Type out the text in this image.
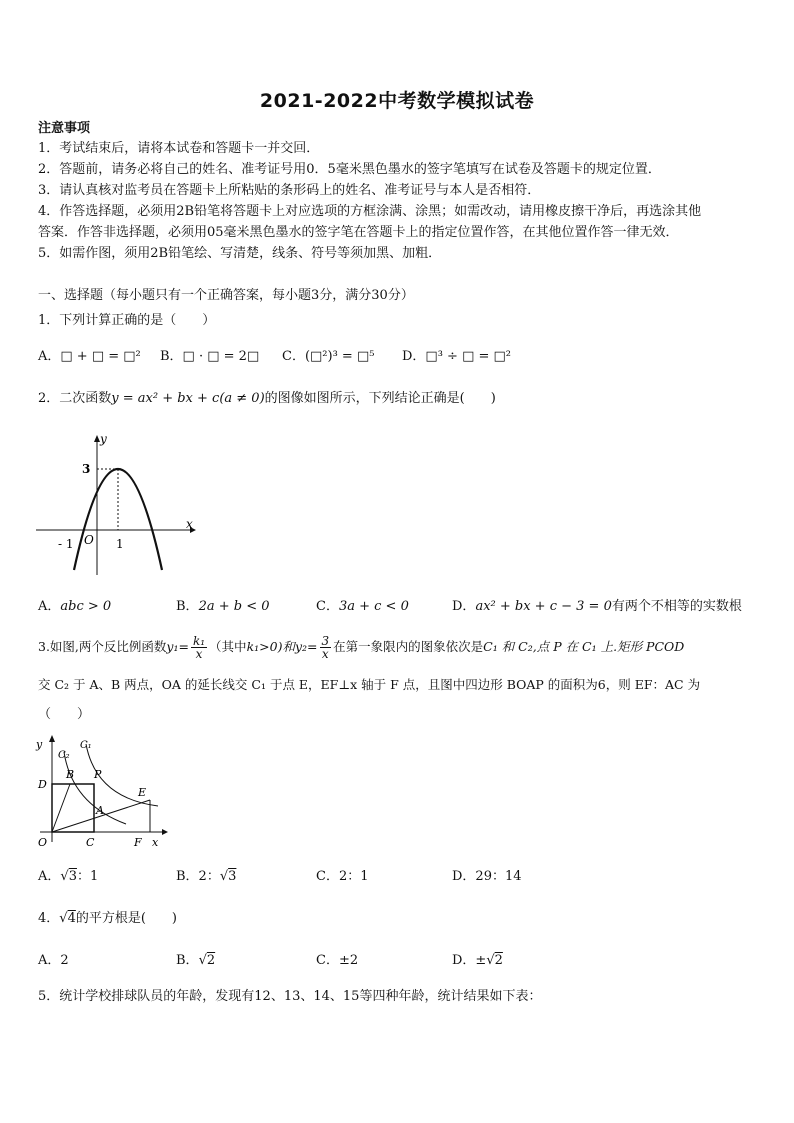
2021-2022中考数学模拟试卷
注意事项
1．考试结束后，请将本试卷和答题卡一并交回．
2．答题前，请务必将自己的姓名、准考证号用0．5毫米黑色墨水的签字笔填写在试卷及答题卡的规定位置．
3．请认真核对监考员在答题卡上所粘贴的条形码上的姓名、准考证号与本人是否相符．
4．作答选择题，必须用2B铅笔将答题卡上对应选项的方框涂满、涂黑；如需改动，请用橡皮擦干净后，再选涂其他
答案．作答非选择题，必须用05毫米黑色墨水的签字笔在答题卡上的指定位置作答，在其他位置作答一律无效．
5．如需作图，须用2B铅笔绘、写清楚，线条、符号等须加黑、加粗．
一、选择题（每小题只有一个正确答案，每小题3分，满分30分）
1．下列计算正确的是（　　）
A．□ + □ = □² B．□ · □ = 2□ C．(□²)³ = □⁵ D．□³ ÷ □ = □²
2．二次函数y = ax² + bx + c(a ≠ 0)的图像如图所示，下列结论正确是(　　)
y
x
3
- 1 O 1
A．abc > 0	B．2a + b < 0	C．3a + c < 0	D．ax² + bx + c − 3 = 0有两个不相等的实数根
3.如图,两个反比例函数$y_1= \frac{\text{k₁}}{x}$ （其中k₁>0)和$y_2= \frac{3}{x}$ 在第一象限内的图象依次是C₁ 和 C₂,点 P 在 C₁ 上.矩形 PCOD
交 C₂ 于 A、B 两点，OA 的延长线交 C₁ 于点 E，EF⊥x 轴于 F 点，且图中四边形 BOAP 的面积为6，则 EF：AC 为
（　　）
y
C₂
C₁
D
B P
E
A
O	C	F x
A．√3：1	B．2：√3	C．2：1	D．29：14
4．√4的平方根是(　　)
A．2	B．√2	C．±2	D．±√2
5．统计学校排球队员的年龄，发现有12、13、14、15等四种年龄，统计结果如下表：
